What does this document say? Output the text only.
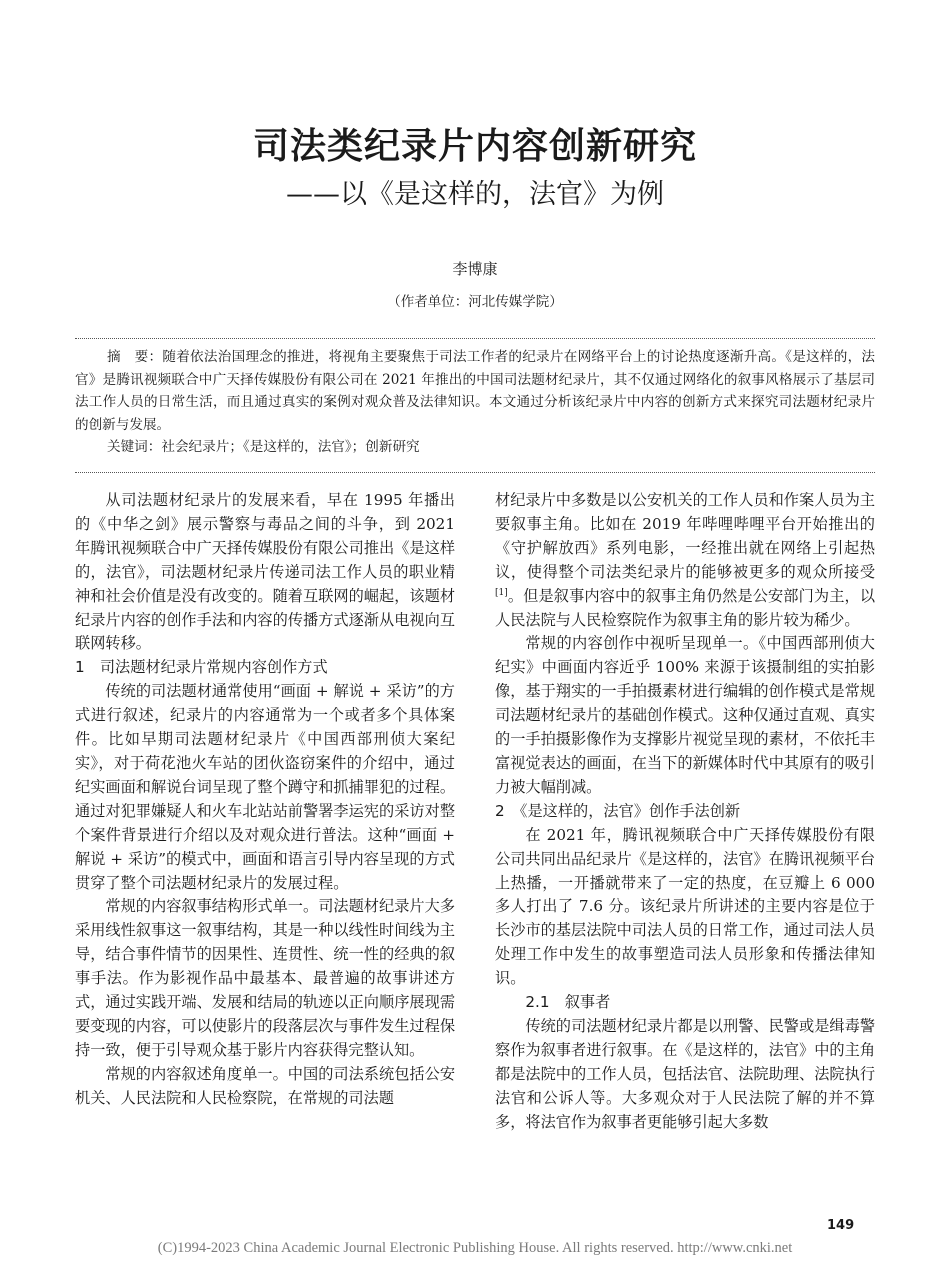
司法类纪录片内容创新研究
——以《是这样的，法官》为例
李博康
（作者单位：河北传媒学院）

摘　要：随着依法治国理念的推进，将视角主要聚焦于司法工作者的纪录片在网络平台上的讨论热度逐渐升高。《是这样的，法官》是腾讯视频联合中广天择传媒股份有限公司在 2021 年推出的中国司法题材纪录片，其不仅通过网络化的叙事风格展示了基层司法工作人员的日常生活，而且通过真实的案例对观众普及法律知识。本文通过分析该纪录片中内容的创新方式来探究司法题材纪录片的创新与发展。

关键词：社会纪录片；《是这样的，法官》；创新研究

从司法题材纪录片的发展来看，早在 1995 年播出的《中华之剑》展示警察与毒品之间的斗争，到 2021 年腾讯视频联合中广天择传媒股份有限公司推出《是这样的，法官》，司法题材纪录片传递司法工作人员的职业精神和社会价值是没有改变的。随着互联网的崛起，该题材纪录片内容的创作手法和内容的传播方式逐渐从电视向互联网转移。

1　司法题材纪录片常规内容创作方式

传统的司法题材通常使用“画面 + 解说 + 采访”的方式进行叙述，纪录片的内容通常为一个或者多个具体案件。比如早期司法题材纪录片《中国西部刑侦大案纪实》，对于荷花池火车站的团伙盗窃案件的介绍中，通过纪实画面和解说台词呈现了整个蹲守和抓捕罪犯的过程。通过对犯罪嫌疑人和火车北站站前警署李运宪的采访对整个案件背景进行介绍以及对观众进行普法。这种“画面 + 解说 + 采访”的模式中，画面和语言引导内容呈现的方式贯穿了整个司法题材纪录片的发展过程。

常规的内容叙事结构形式单一。司法题材纪录片大多采用线性叙事这一叙事结构，其是一种以线性时间线为主导，结合事件情节的因果性、连贯性、统一性的经典的叙事手法。作为影视作品中最基本、最普遍的故事讲述方式，通过实践开端、发展和结局的轨迹以正向顺序展现需要变现的内容，可以使影片的段落层次与事件发生过程保持一致，便于引导观众基于影片内容获得完整认知。

常规的内容叙述角度单一。中国的司法系统包括公安机关、人民法院和人民检察院，在常规的司法题

材纪录片中多数是以公安机关的工作人员和作案人员为主要叙事主角。比如在 2019 年哔哩哔哩平台开始推出的《守护解放西》系列电影，一经推出就在网络上引起热议，使得整个司法类纪录片的能够被更多的观众所接受[1]。但是叙事内容中的叙事主角仍然是公安部门为主，以人民法院与人民检察院作为叙事主角的影片较为稀少。

常规的内容创作中视听呈现单一。《中国西部刑侦大纪实》中画面内容近乎 100% 来源于该摄制组的实拍影像，基于翔实的一手拍摄素材进行编辑的创作模式是常规司法题材纪录片的基础创作模式。这种仅通过直观、真实的一手拍摄影像作为支撑影片视觉呈现的素材，不依托丰富视觉表达的画面，在当下的新媒体时代中其原有的吸引力被大幅削减。

2　《是这样的，法官》创作手法创新

在 2021 年，腾讯视频联合中广天择传媒股份有限公司共同出品纪录片《是这样的，法官》在腾讯视频平台上热播，一开播就带来了一定的热度，在豆瓣上 6 000 多人打出了 7.6 分。该纪录片所讲述的主要内容是位于长沙市的基层法院中司法人员的日常工作，通过司法人员处理工作中发生的故事塑造司法人员形象和传播法律知识。

2.1　叙事者

传统的司法题材纪录片都是以刑警、民警或是缉毒警察作为叙事者进行叙事。在《是这样的，法官》中的主角都是法院中的工作人员，包括法官、法院助理、法院执行法官和公诉人等。大多观众对于人民法院了解的并不算多，将法官作为叙事者更能够引起大多数

149
(C)1994-2023 China Academic Journal Electronic Publishing House. All rights reserved. http://www.cnki.net
